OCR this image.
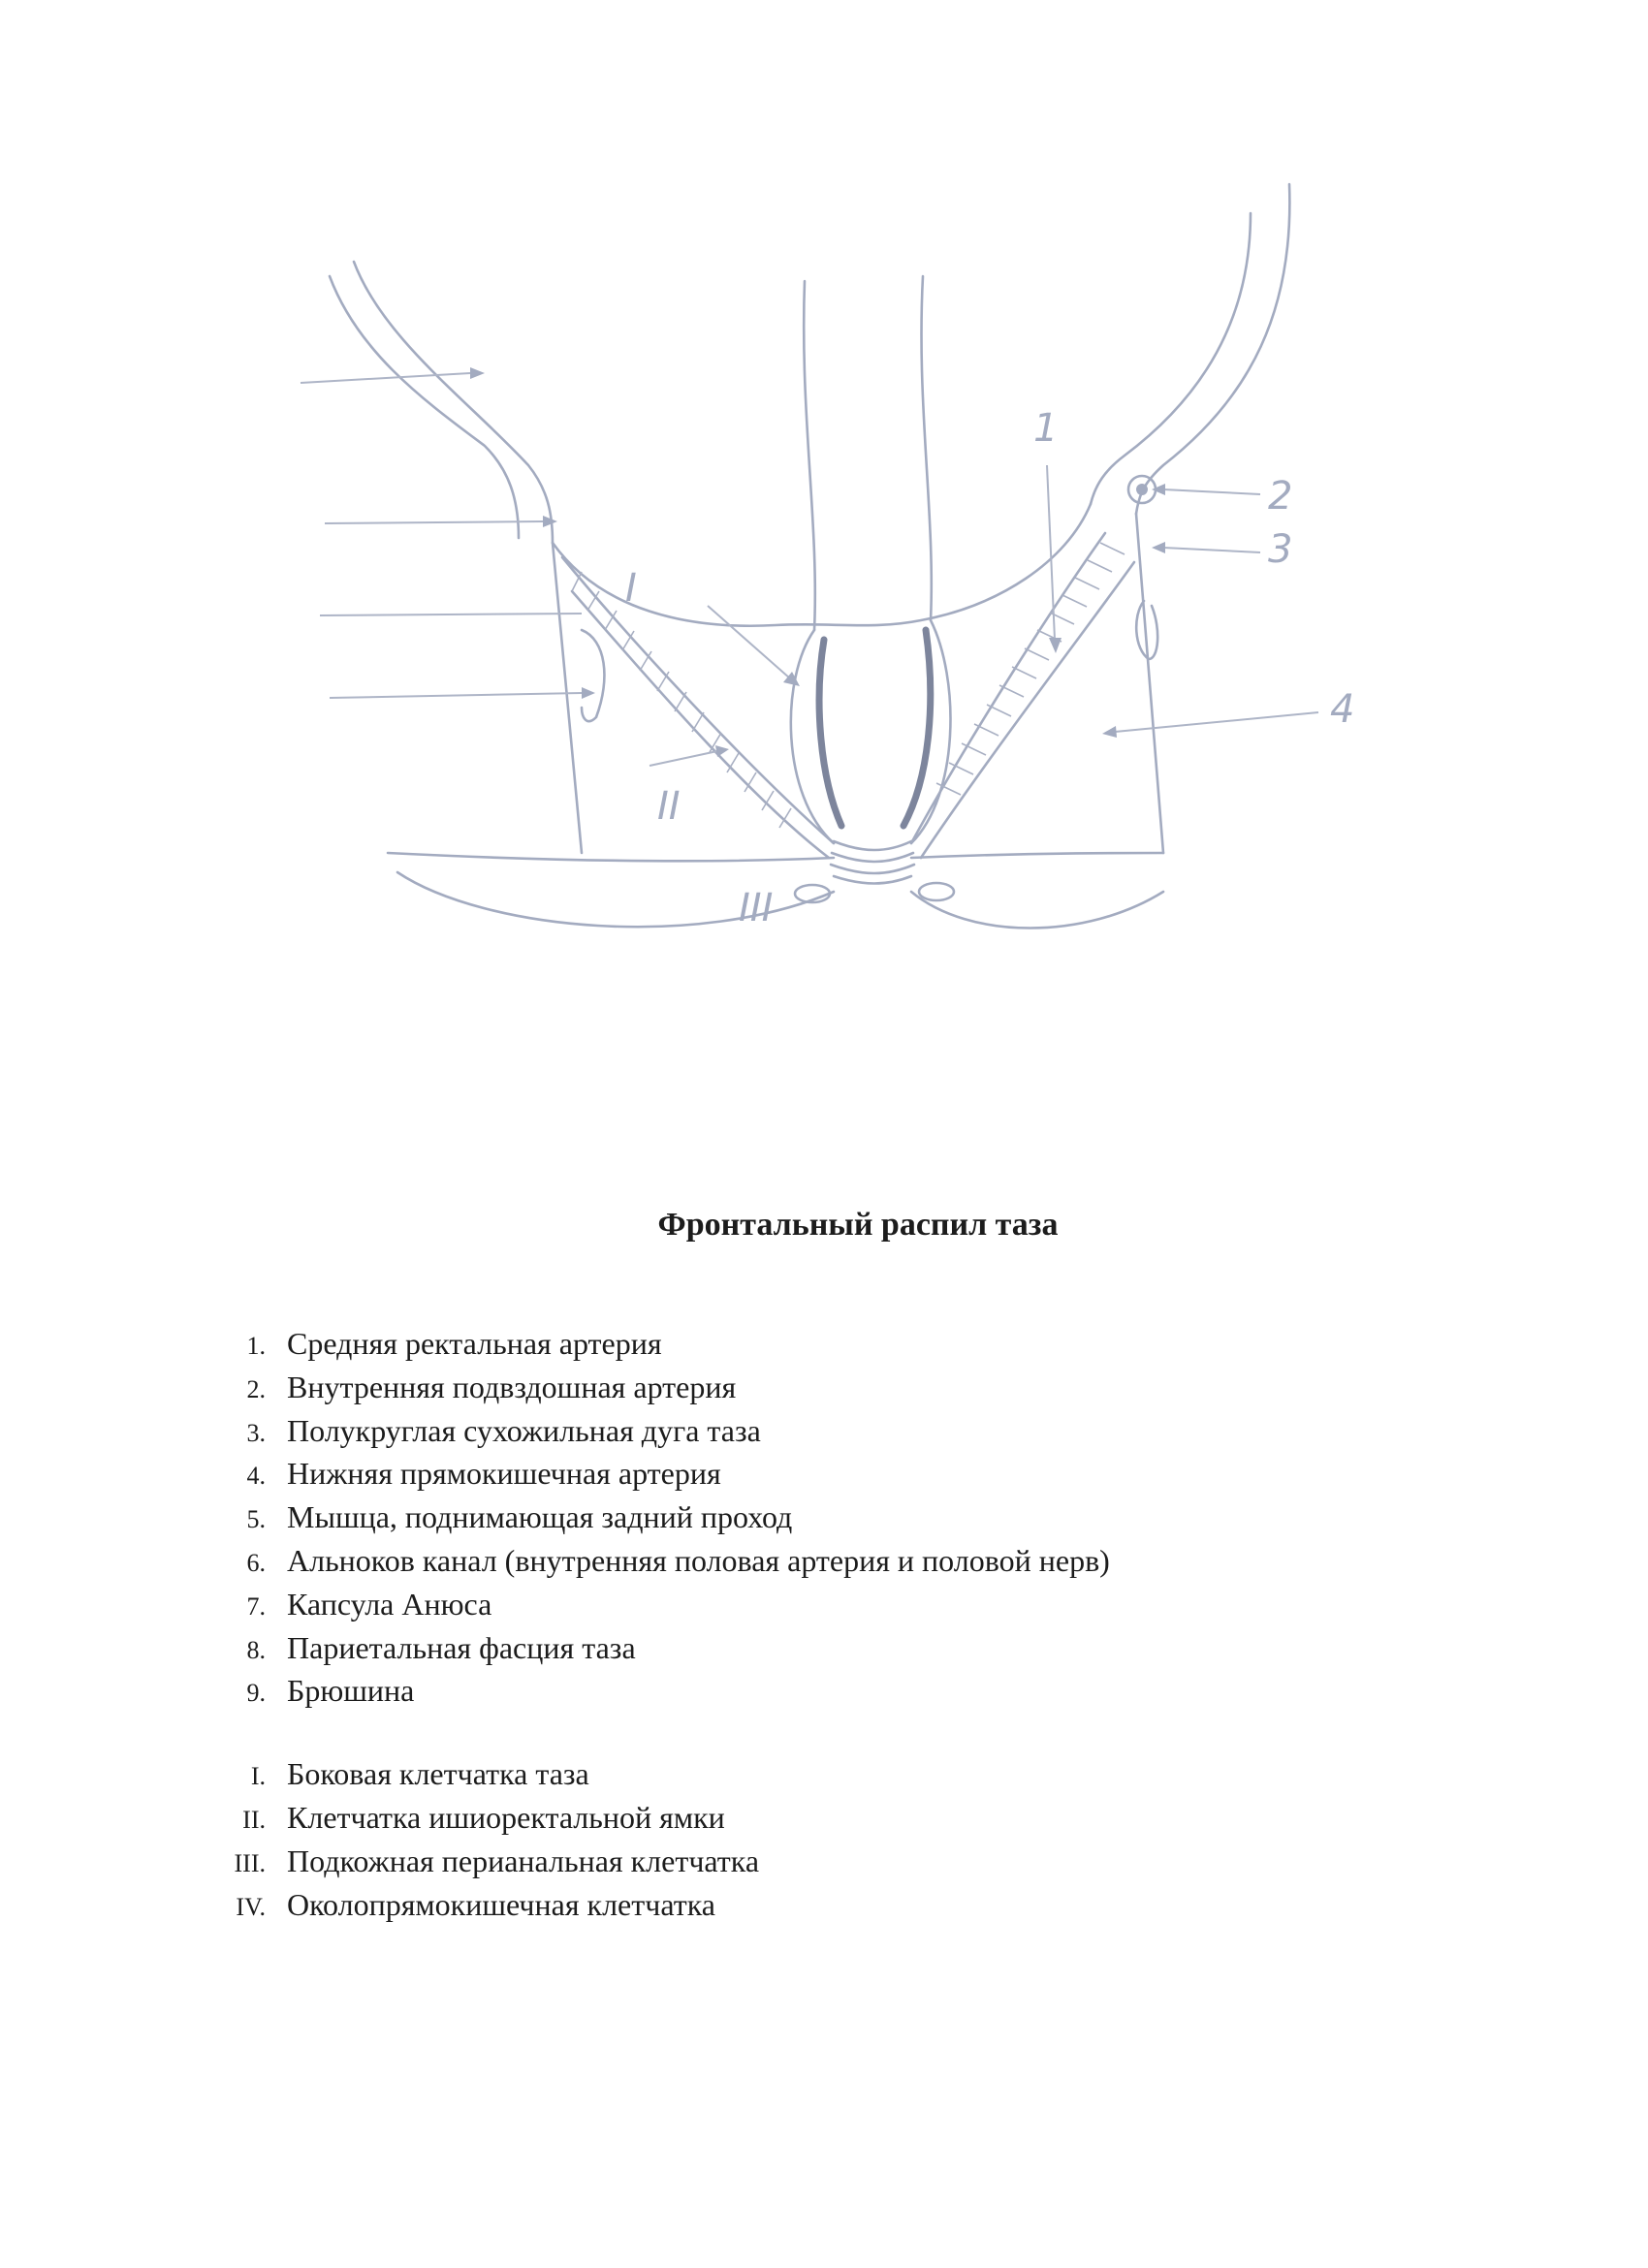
1
2
3
4
I
II
III
Фронтальный распил таза
1. Средняя ректальная артерия
2. Внутренняя подвздошная артерия
3. Полукруглая сухожильная дуга таза
4. Нижняя прямокишечная артерия
5. Мышца, поднимающая задний проход
6. Альноков канал (внутренняя половая артерия и половой нерв)
7. Капсула Анюса
8. Париетальная фасция таза
9. Брюшина
I. Боковая клетчатка таза
II. Клетчатка ишиоректальной ямки
III. Подкожная перианальная клетчатка
IV. Околопрямокишечная клетчатка
